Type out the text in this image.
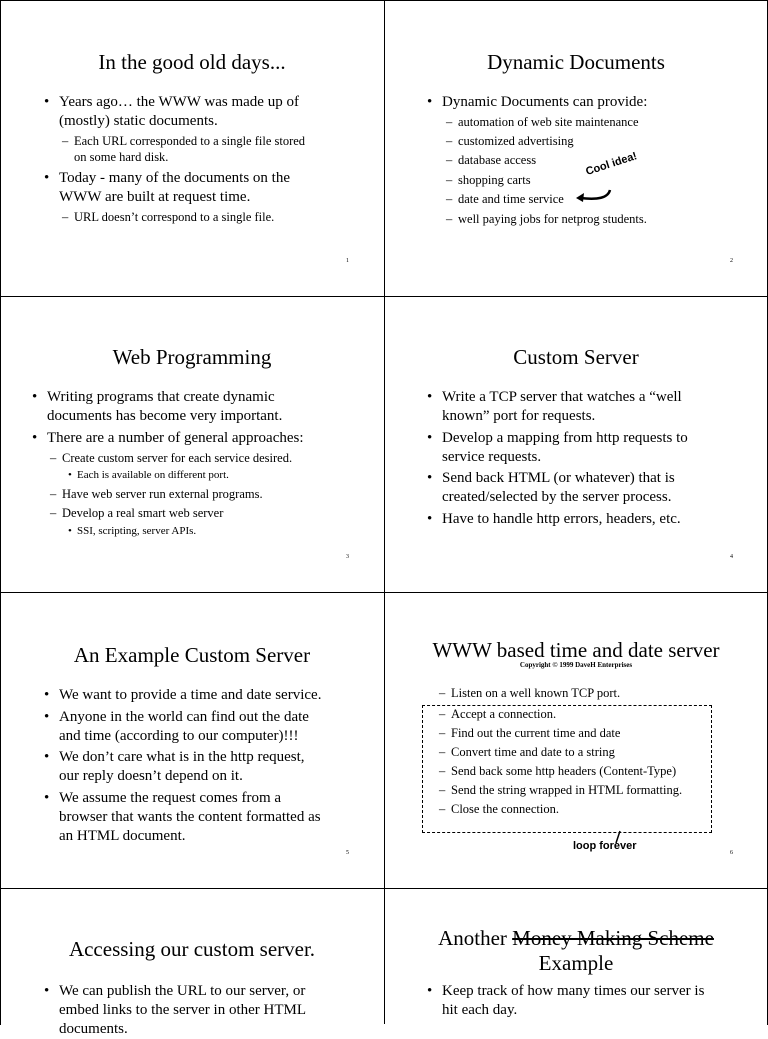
In the good old days...
• Years ago… the WWW was made up of
(mostly) static documents.
– Each URL corresponded to a single file stored
on some hard disk.
• Today - many of the documents on the
WWW are built at request time.
– URL doesn’t correspond to a single file.
1
Dynamic Documents
• Dynamic Documents can provide:
– automation of web site maintenance
– customized advertising
– database access
– shopping carts
– date and time service
– well paying jobs for netprog students.
Cool idea!
2
Web Programming
• Writing programs that create dynamic
documents has become very important.
• There are a number of general approaches:
– Create custom server for each service desired.
• Each is available on different port.
– Have web server run external programs.
– Develop a real smart web server
• SSI, scripting, server APIs.
3
Custom Server
• Write a TCP server that watches a “well
known” port for requests.
• Develop a mapping from http requests to
service requests.
• Send back HTML (or whatever) that is
created/selected by the server process.
• Have to handle http errors, headers, etc.
4
An Example Custom Server
• We want to provide a time and date service.
• Anyone in the world can find out the date
and time (according to our computer)!!!
• We don’t care what is in the http request,
our reply doesn’t depend on it.
• We assume the request comes from a
browser that wants the content formatted as
an HTML document.
5
WWW based time and date server
Copyright © 1999 DaveH Enterprises
– Listen on a well known TCP port.
– Accept a connection.
– Find out the current time and date
– Convert time and date to a string
– Send back some http headers (Content-Type)
– Send the string wrapped in HTML formatting.
– Close the connection.
loop forever
6
Accessing our custom server.
• We can publish the URL to our server, or
embed links to the server in other HTML
documents.
Another Money Making Scheme
Example
• Keep track of how many times our server is
hit each day.
